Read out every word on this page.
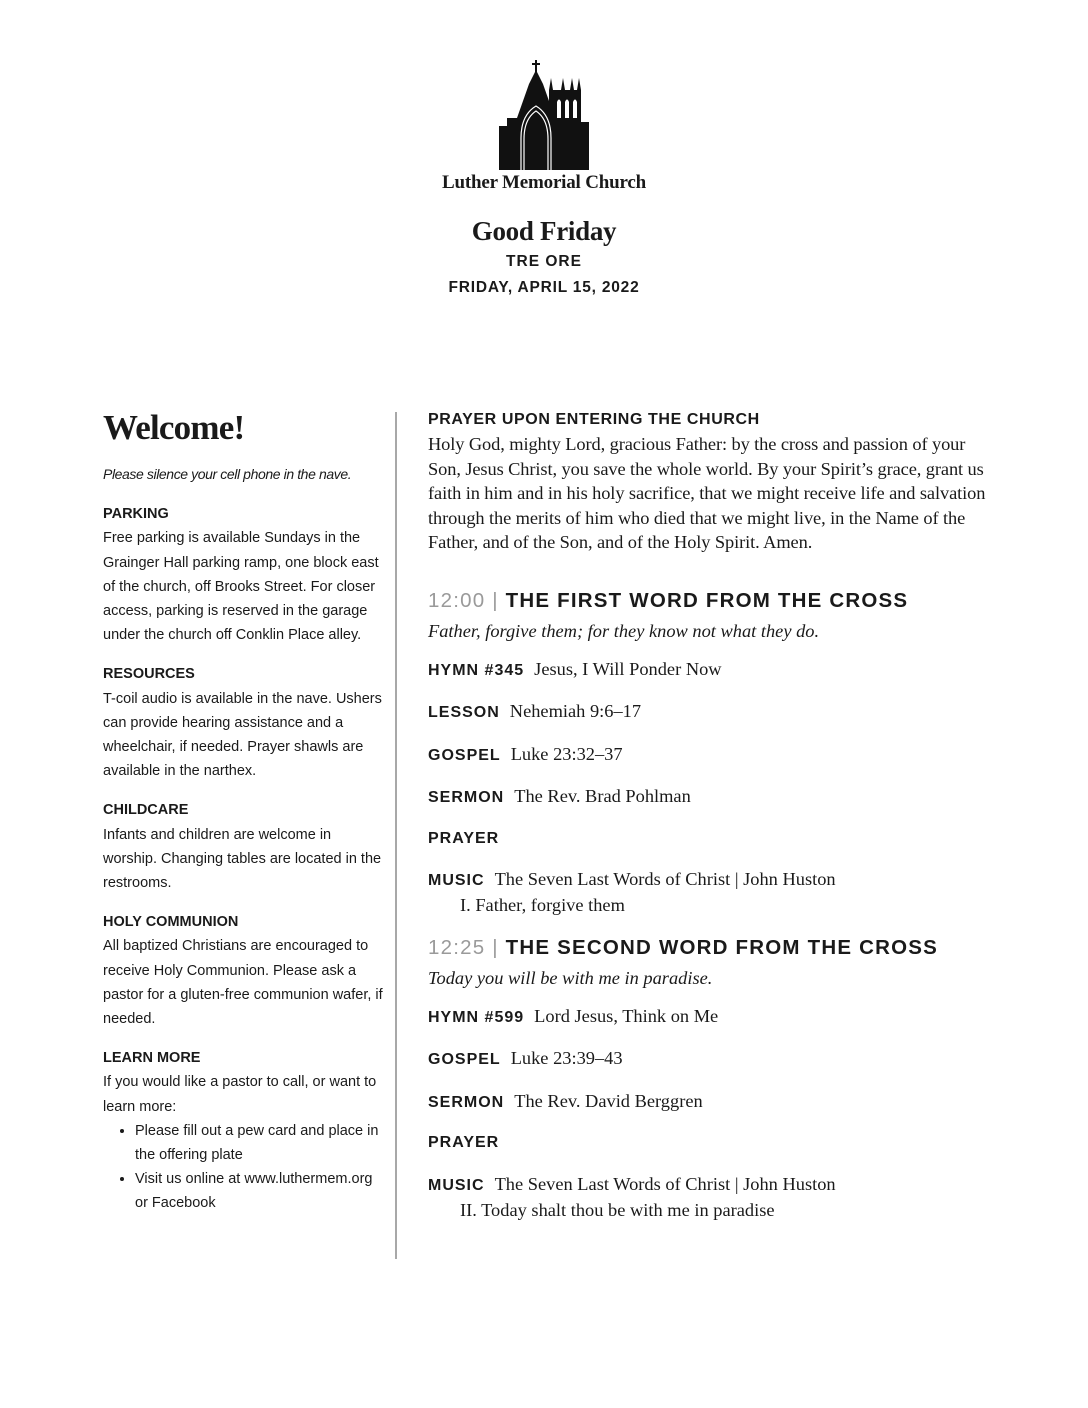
Luther Memorial Church
Good Friday
TRE ORE
FRIDAY, APRIL 15, 2022
Welcome!
Please silence your cell phone in the nave.
PARKING
Free parking is available Sundays in the Grainger Hall parking ramp, one block east of the church, off Brooks Street. For closer access, parking is reserved in the garage under the church off Conklin Place alley.
RESOURCES
T-coil audio is available in the nave. Ushers can provide hearing assistance and a wheelchair, if needed. Prayer shawls are available in the narthex.
CHILDCARE
Infants and children are welcome in worship. Changing tables are located in the restrooms.
HOLY COMMUNION
All baptized Christians are encouraged to receive Holy Communion. Please ask a pastor for a gluten-free communion wafer, if needed.
LEARN MORE
If you would like a pastor to call, or want to learn more:
• Please fill out a pew card and place in the offering plate
• Visit us online at www.luthermem.org or Facebook
PRAYER UPON ENTERING THE CHURCH
Holy God, mighty Lord, gracious Father: by the cross and passion of your Son, Jesus Christ, you save the whole world. By your Spirit’s grace, grant us faith in him and in his holy sacrifice, that we might receive life and salvation through the merits of him who died that we might live, in the Name of the Father, and of the Son, and of the Holy Spirit. Amen.
12:00 | THE FIRST WORD FROM THE CROSS
Father, forgive them; for they know not what they do.
HYMN #345 Jesus, I Will Ponder Now
LESSON Nehemiah 9:6–17
GOSPEL Luke 23:32–37
SERMON The Rev. Brad Pohlman
PRAYER
MUSIC The Seven Last Words of Christ | John Huston
I. Father, forgive them
12:25 | THE SECOND WORD FROM THE CROSS
Today you will be with me in paradise.
HYMN #599 Lord Jesus, Think on Me
GOSPEL Luke 23:39–43
SERMON The Rev. David Berggren
PRAYER
MUSIC The Seven Last Words of Christ | John Huston
II. Today shalt thou be with me in paradise
